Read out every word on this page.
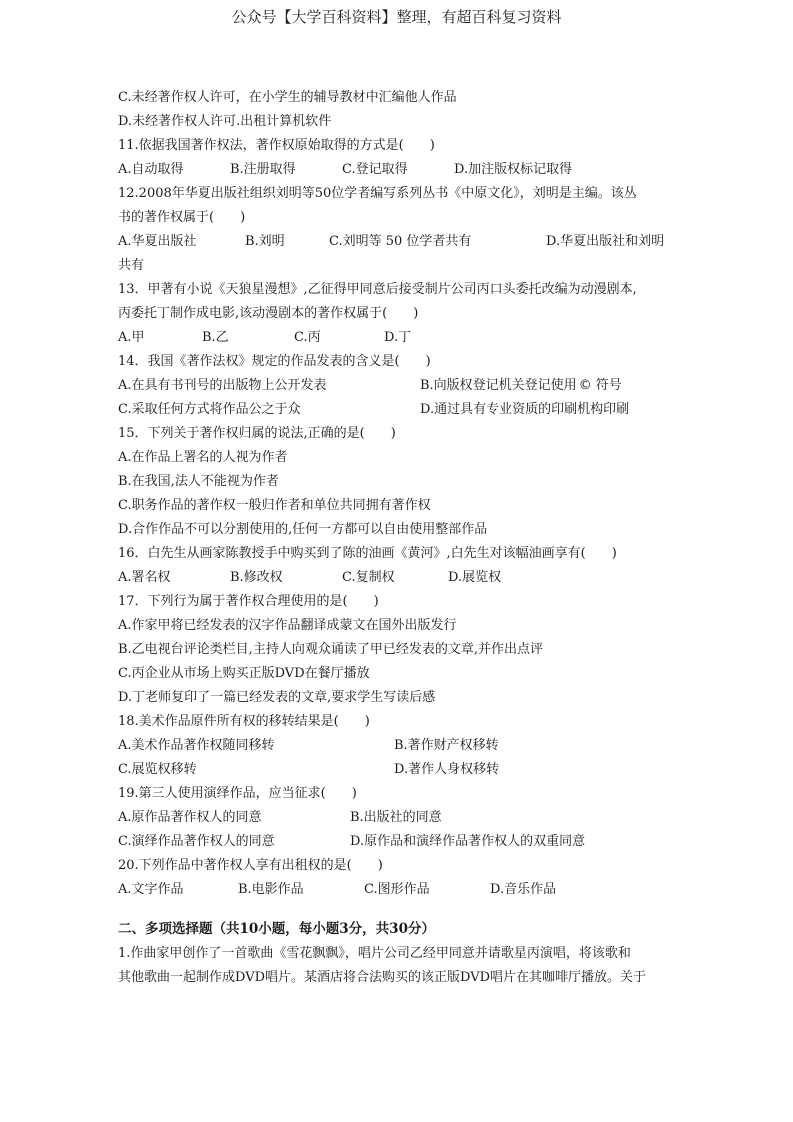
公众号【大学百科资料】整理，有超百科复习资料
C.未经著作权人许可，在小学生的辅导教材中汇编他人作品
D.未经著作权人许可.出租计算机软件
11.依据我国著作权法，著作权原始取得的方式是(　　)
A.自动取得	B.注册取得	C.登记取得	D.加注版权标记取得
12.2008年华夏出版社组织刘明等50位学者编写系列丛书《中原文化》，刘明是主编。该丛
书的著作权属于(　　)
A.华夏出版社	B.刘明	C.刘明等 50 位学者共有	D.华夏出版社和刘明
共有
13．甲著有小说《天狼星漫想》,乙征得甲同意后接受制片公司丙口头委托改编为动漫剧本,
丙委托丁制作成电影,该动漫剧本的著作权属于(　　)
A.甲	B.乙	C.丙	D.丁
14．我国《著作法权》规定的作品发表的含义是(　　)
A.在具有书刊号的出版物上公开发表	B.向版权登记机关登记使用 © 符号
C.采取任何方式将作品公之于众	D.通过具有专业资质的印刷机构印刷
15．下列关于著作权归属的说法,正确的是(　　)
A.在作品上署名的人视为作者
B.在我国,法人不能视为作者
C.职务作品的著作权一般归作者和单位共同拥有著作权
D.合作作品不可以分割使用的,任何一方都可以自由使用整部作品
16．白先生从画家陈教授手中购买到了陈的油画《黄河》,白先生对该幅油画享有(　　)
A.署名权	B.修改权	C.复制权	D.展览权
17．下列行为属于著作权合理使用的是(　　)
A.作家甲将已经发表的汉字作品翻译成蒙文在国外出版发行
B.乙电视台评论类栏目,主持人向观众诵读了甲已经发表的文章,并作出点评
C.丙企业从市场上购买正版DVD在餐厅播放
D.丁老师复印了一篇已经发表的文章,要求学生写读后感
18.美术作品原件所有权的移转结果是(　　)
A.美术作品著作权随同移转	B.著作财产权移转
C.展览权移转	D.著作人身权移转
19.第三人使用演绎作品，应当征求(　　)
A.原作品著作权人的同意	B.出版社的同意
C.演绎作品著作权人的同意	D.原作品和演绎作品著作权人的双重同意
20.下列作品中著作权人享有出租权的是(　　)
A.文字作品	B.电影作品	C.图形作品	D.音乐作品
二、多项选择题（共10小题，每小题3分，共30分）
1.作曲家甲创作了一首歌曲《雪花飘飘》，唱片公司乙经甲同意并请歌星丙演唱，将该歌和
其他歌曲一起制作成DVD唱片。某酒店将合法购买的该正版DVD唱片在其咖啡厅播放。关于
